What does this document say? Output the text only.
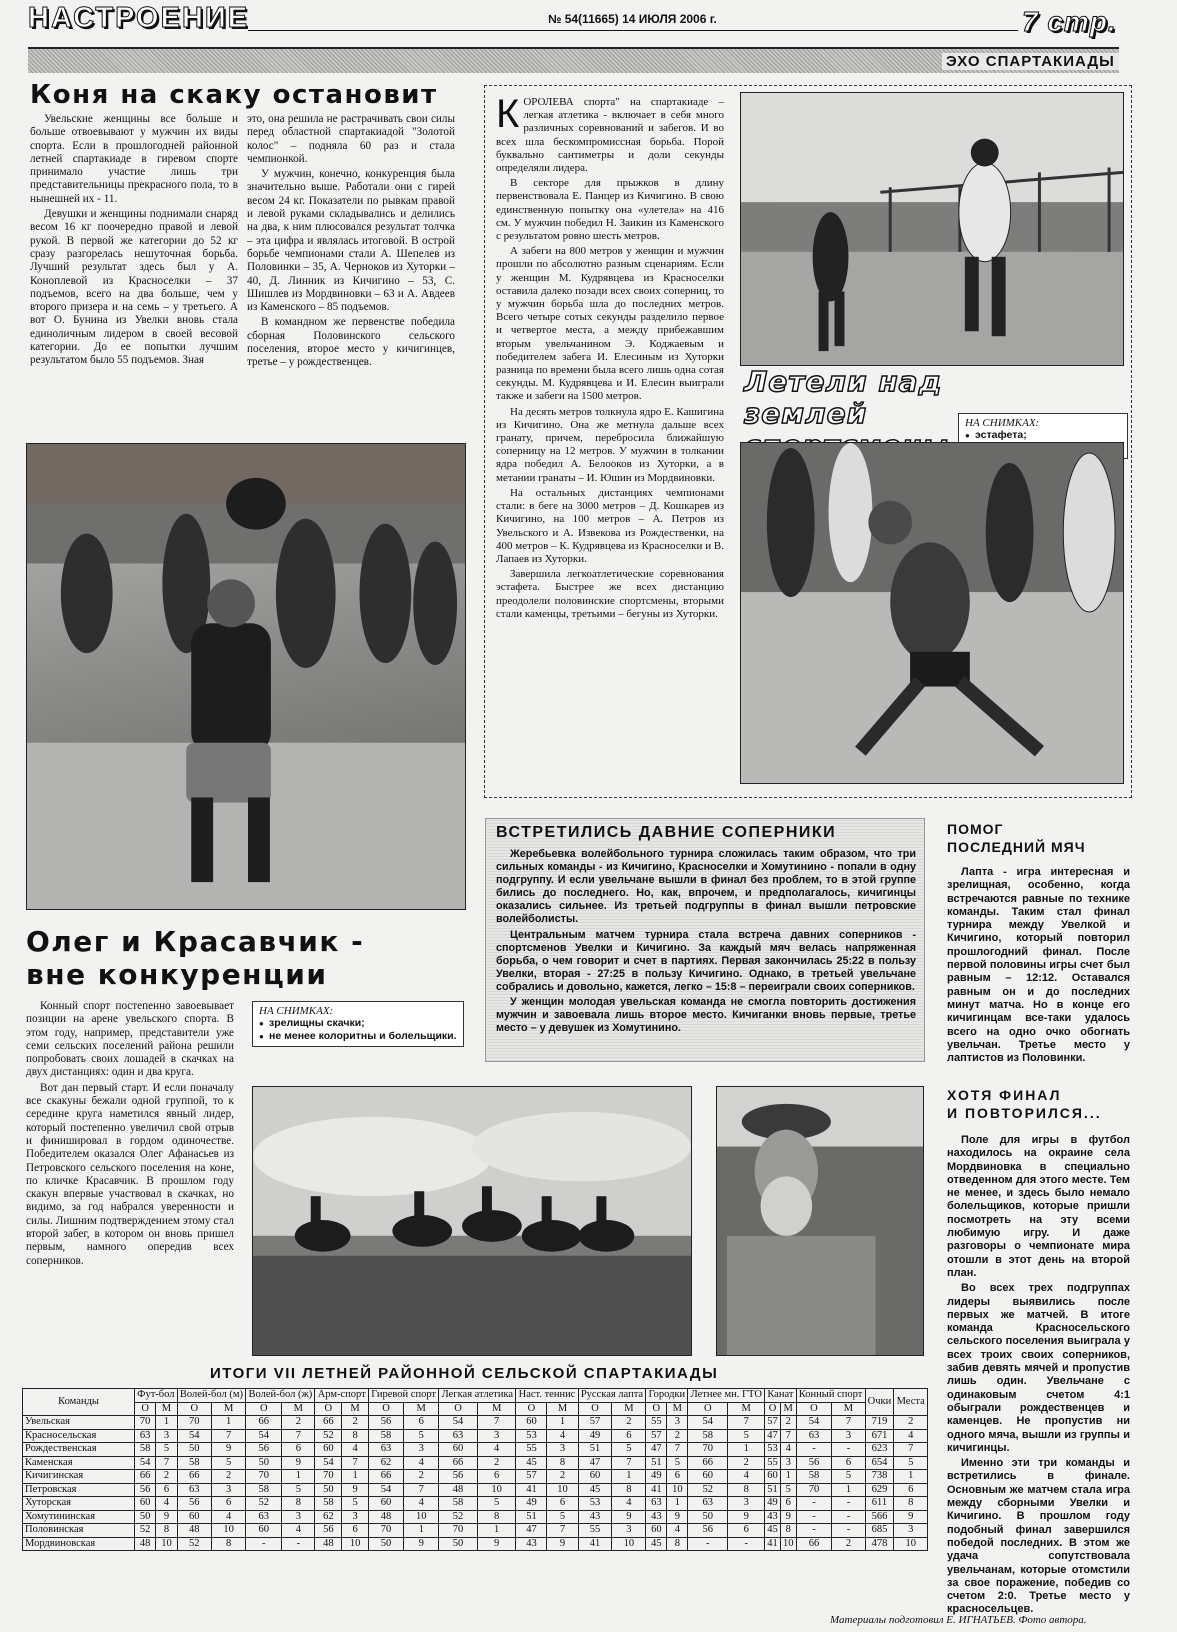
НАСТРОЕНИЕ	№ 54(11665) 14 ИЮЛЯ 2006 г.	7 стр.
ЭХО СПАРТАКИАДЫ
Коня на скаку остановит

Увельские женщины все больше и больше отвоевывают у мужчин их виды спорта. Если в прошлогодней районной летней спартакиаде в гиревом спорте принимало участие лишь три представительницы прекрасного пола, то в нынешней их - 11.

Девушки и женщины поднимали снаряд весом 16 кг поочередно правой и левой рукой. В первой же категории до 52 кг сразу разгорелась нешуточная борьба. Лучший результат здесь был у А. Коноплевой из Красноселки – 37 подъемов, всего на два больше, чем у второго призера и на семь – у третьего. А вот О. Бунина из Увелки вновь стала единоличным лидером в своей весовой категории. До ее попытки лучшим результатом было 55 подъемов. Зная

это, она решила не растрачивать свои силы перед областной спартакиадой "Золотой колос" – подняла 60 раз и стала чемпионкой.

У мужчин, конечно, конкуренция была значительно выше. Работали они с гирей весом 24 кг. Показатели по рывкам правой и левой руками складывались и делились на два, к ним плюсовался результат толчка – эта цифра и являлась итоговой. В острой борьбе чемпионами стали А. Шепелев из Половинки – 35, А. Черноков из Хуторки – 40, Д. Линник из Кичигино – 53, С. Шишлев из Мордвиновки – 63 и А. Авдеев из Каменского – 85 подъемов.

В командном же первенстве победила сборная Половинского сельского поселения, второе место у кичигинцев, третье – у рождественцев.

КОРОЛЕВА спорта" на спартакиаде – легкая атлетика - включает в себя много различных соревнований и забегов. И во всех шла бескомпромиссная борьба. Порой буквально сантиметры и доли секунды определяли лидера.

В секторе для прыжков в длину первенствовала Е. Панцер из Кичигино. В свою единственную попытку она «улетела» на 416 см. У мужчин победил Н. Заикин из Каменского с результатом ровно шесть метров.

А забеги на 800 метров у женщин и мужчин прошли по абсолютно разным сценариям. Если у женщин М. Кудрявцева из Красноселки оставила далеко позади всех своих соперниц, то у мужчин борьба шла до последних метров. Всего четыре сотых секунды разделило первое и четвертое места, а между прибежавшим вторым увельчанином Э. Коджаевым и победителем забега И. Елесиным из Хуторки разница по времени была всего лишь одна сотая секунды. М. Кудрявцева и И. Елесин выиграли также и забеги на 1500 метров.

На десять метров толкнула ядро Е. Кашигина из Кичигино. Она же метнула дальше всех гранату, причем, перебросила ближайшую соперницу на 12 метров. У мужчин в толкании ядра победил А. Белооков из Хуторки, а в метании гранаты – И. Юшин из Мордвиновки.

На остальных дистанциях чемпионами стали: в беге на 3000 метров – Д. Кошкарев из Кичигино, на 100 метров – А. Петров из Увельского и А. Извекова из Рождественки, на 400 метров – К. Кудрявцева из Красноселки и В. Лапаев из Хуторки.

Завершила легкоатлетические соревнования эстафета. Быстрее же всех дистанцию преодолели половинские спортсмены, вторыми стали каменцы, третьими – бегуны из Хуторки.

Летели над землей	НА СНИМКАХ:
● эстафета;
●
ВСТРЕТИЛИСЬ ДАВНИЕ СОПЕРНИКИ

Жеребьевка волейбольного турнира сложилась таким образом, что три сильных команды - из Кичигино, Красноселки и Хомутинино - попали в одну подгруппу. И если увельчане вышли в финал без проблем, то в этой группе бились до последнего. Но, как, впрочем, и предполагалось, кичигинцы оказались сильнее. Из третьей подгруппы в финал вышли петровские волейболисты.

Центральным матчем турнира стала встреча давних соперников - спортсменов Увелки и Кичигино. За каждый мяч велась напряженная борьба, о чем говорит и счет в партиях. Первая закончилась 25:22 в пользу Увелки, вторая - 27:25 в пользу Кичигино. Однако, в третьей увельчане собрались и довольно, кажется, легко – 15:8 – переиграли своих соперников.

У женщин молодая увельская команда не смогла повторить достижения мужчин и завоевала лишь второе место. Кичиганки вновь первые, третье место – у девушек из Хомутинино.

ПОМОГ
ПОСЛЕДНИЙ МЯЧ

Лапта - игра интересная и зрелищная, особенно, когда встречаются равные по технике команды. Таким стал финал турнира между Увелкой и Кичигино, который повторил прошлогодний финал. После первой половины игры счет был равным – 12:12. Оставался равным он и до последних минут матча. Но в конце его кичигинцам все-таки удалось всего на одно очко обогнать увельчан. Третье место у лаптистов из Половинки.

ХОТЯ ФИНАЛ
И ПОВТОРИЛСЯ...

Поле для игры в футбол находилось на окраине села Мордвиновка в специально отведенном для этого месте. Тем не менее, и здесь было немало болельщиков, которые пришли посмотреть на эту всеми любимую игру. И даже разговоры о чемпионате мира отошли в этот день на второй план.

Во всех трех подгруппах лидеры выявились после первых же матчей. В итоге команда Красносельского сельского поселения выиграла у всех троих своих соперников, забив девять мячей и пропустив лишь один. Увельчане с одинаковым счетом 4:1 обыграли рождественцев и каменцев. Не пропустив ни одного мяча, вышли из группы и кичигинцы.

Именно эти три команды и встретились в финале. Основным же матчем стала игра между сборными Увелки и Кичигино. В прошлом году подобный финал завершился победой последних. В этом же удача сопутствовала увельчанам, которые отомстили за свое поражение, победив со счетом 2:0. Третье место у красносельцев.

Олег и Красавчик -
вне конкуренции
НА СНИМКАХ:
● зрелищны скачки;
● не менее колоритны и болельщики.

Конный спорт постепенно завоевывает позиции на арене увельского спорта. В этом году, например, представители уже семи сельских поселений района решили попробовать своих лошадей в скачках на двух дистанциях: один и два круга.

Вот дан первый старт. И если поначалу все скакуны бежали одной группой, то к середине круга наметился явный лидер, который постепенно увеличил свой отрыв и финишировал в гордом одиночестве. Победителем оказался Олег Афанасьев из Петровского сельского поселения на коне, по кличке Красавчик. В прошлом году скакун впервые участвовал в скачках, но видимо, за год набрался уверенности и силы. Лишним подтверждением этому стал второй забег, в котором он вновь пришел первым, намного опередив всех соперников.

ИТОГИ VII ЛЕТНЕЙ РАЙОННОЙ СЕЛЬСКОЙ СПАРТАКИАДЫ
Команды	Фут-бол		Волей-бол (м)		Волей-бол (ж)		Арм-спорт		Гиревой спорт		Легкая атлетика		Наст. теннис		Русская лапта		Городки		Летнее мн. ГТО		Канат		Конный спорт		Очки	Места
	О	М	О	М	О	М	О	М	О	М	О	М	О	М	О	М	О	М	О	М	О	М	О	М		
Увельская	70	1	70	1	66	2	66	2	56	6	54	7	60	1	57	2	55	3	54	7	57	2	54	7	719	2
Красносельская	63	3	54	7	54	7	52	8	58	5	63	3	53	4	49	6	57	2	58	5	47	7	63	3	671	4
Рождественская	58	5	50	9	56	6	60	4	63	3	60	4	55	3	51	5	47	7	70	1	53	4	-	-	623	7
Каменская	54	7	58	5	50	9	54	7	62	4	66	2	45	8	47	7	51	5	66	2	55	3	56	6	654	5
Кичигинская	66	2	66	2	70	1	70	1	66	2	56	6	57	2	60	1	49	6	60	4	60	1	58	5	738	1
Петровская	56	6	63	3	58	5	50	9	54	7	48	10	41	10	45	8	41	10	52	8	51	5	70	1	629	6
Хуторская	60	4	56	6	52	8	58	5	60	4	58	5	49	6	53	4	63	1	63	3	49	6	-	-	611	8
Хомутининская	50	9	60	4	63	3	62	3	48	10	52	8	51	5	43	9	43	9	50	9	43	9	-	-	566	9
Половинская	52	8	48	10	60	4	56	6	70	1	70	1	47	7	55	3	60	4	56	6	45	8	-	-	685	3
Мордвиновская	48	10	52	8	-	-	48	10	50	9	50	9	43	9	41	10	45	8	-	-	41	10	66	2	478	10
Материалы подготовил Е. ИГНАТЬЕВ. Фото автора.
